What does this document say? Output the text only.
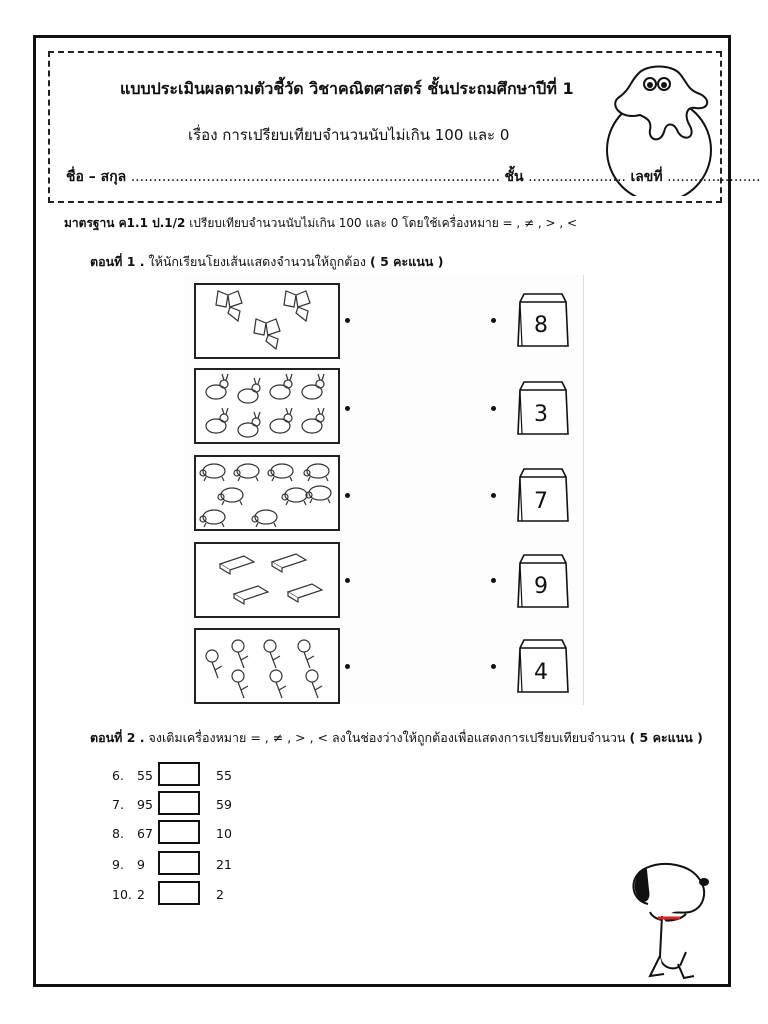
แบบประเมินผลตามตัวชี้วัด วิชาคณิตศาสตร์ ชั้นประถมศึกษาปีที่ 1
เรื่อง การเปรียบเทียบจำนวนนับไม่เกิน 100 และ 0
ชื่อ – สกุล ................................................................................... ชั้น ...................... เลขที่ .....................
มาตรฐาน ค1.1 ป.1/2 เปรียบเทียบจำนวนนับไม่เกิน 100 และ 0 โดยใช้เครื่องหมาย = , ≠ , > , <
ตอนที่ 1 . ให้นักเรียนโยงเส้นแสดงจำนวนให้ถูกต้อง ( 5 คะแนน )
8
3
7
9
4
ตอนที่ 2 . จงเติมเครื่องหมาย = , ≠ , > , < ลงในช่องว่างให้ถูกต้องเพื่อแสดงการเปรียบเทียบจำนวน ( 5 คะแนน )
6. 55	55
7. 95	59
8. 67	10
9. 9	21
10. 2	2
